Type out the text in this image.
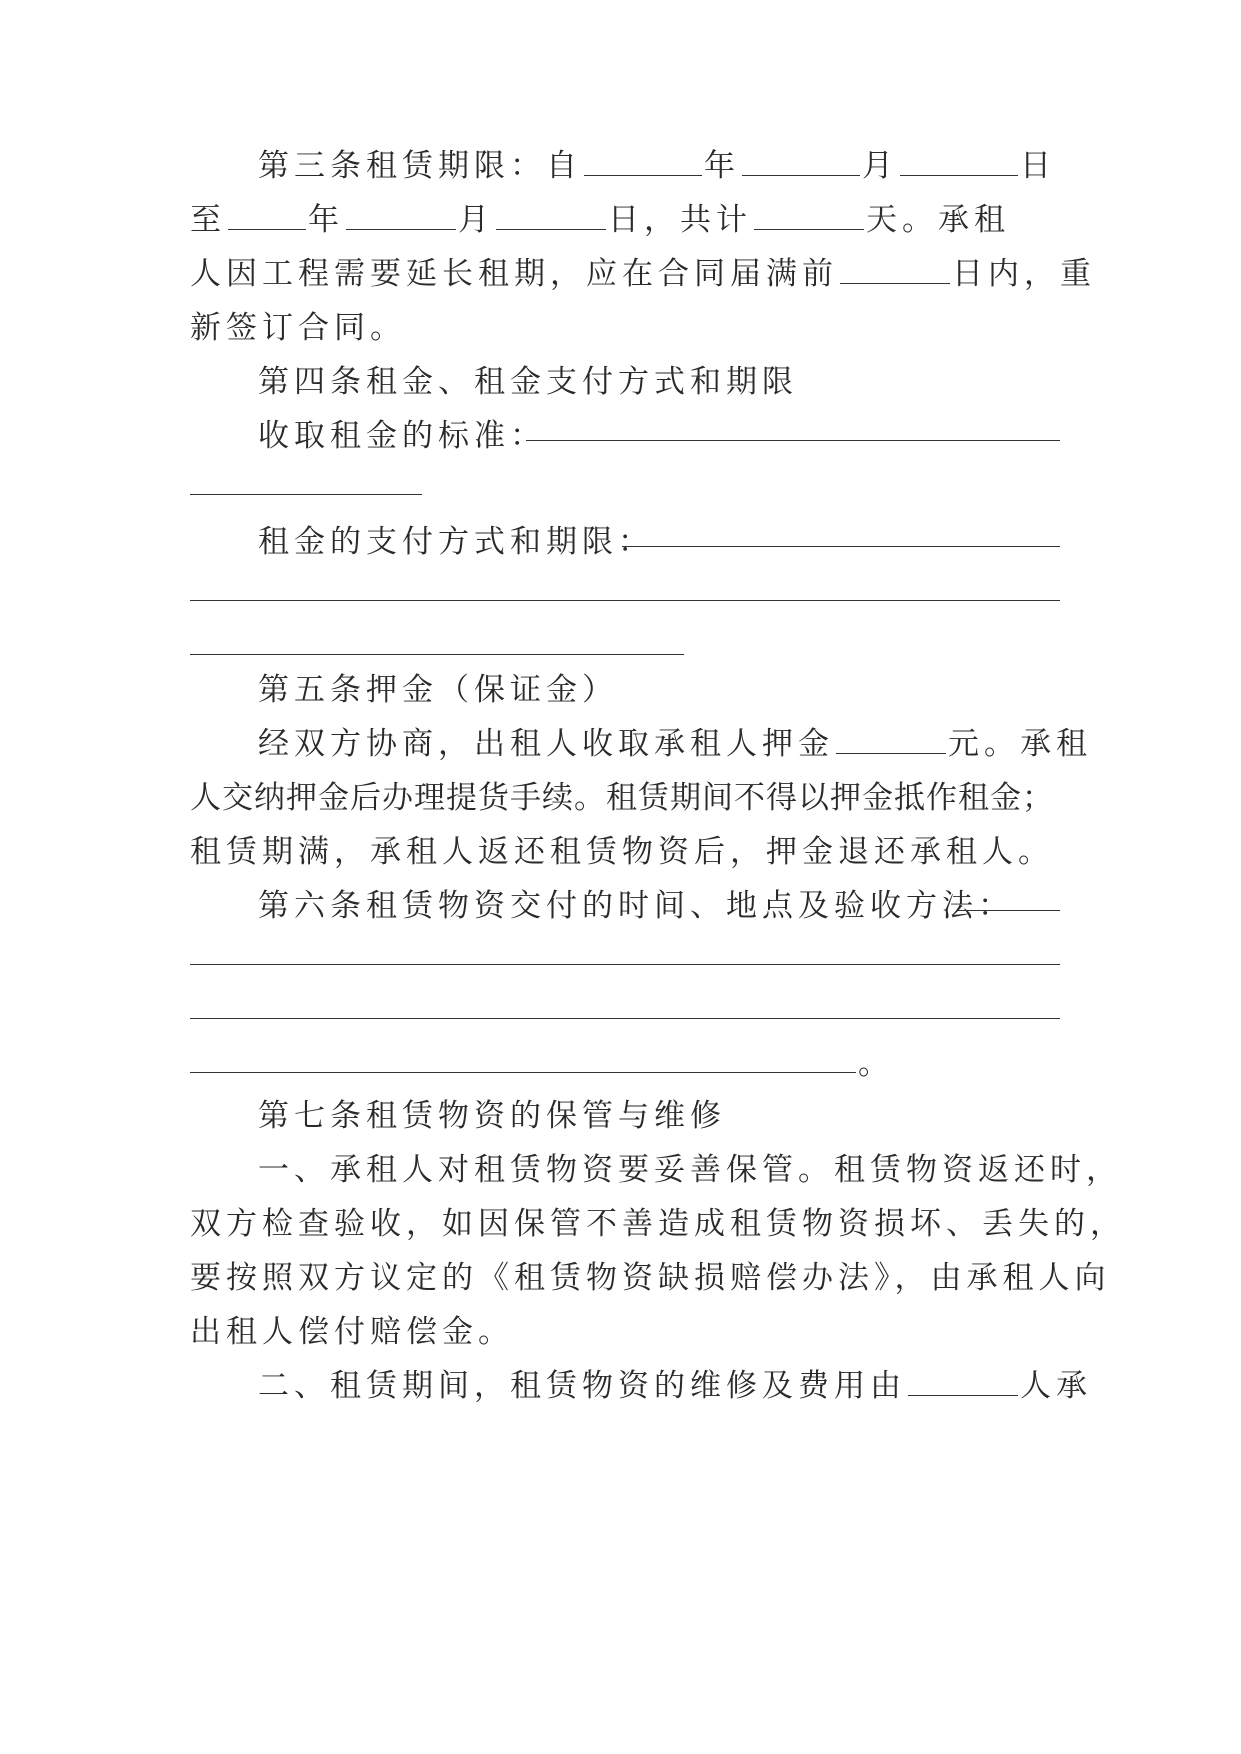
第三条租赁期限：自	年	月	日
至	年	月	日，共计	天。承租
人因工程需要延长租期，应在合同届满前	日内，重
新签订合同。
第四条租金、租金支付方式和期限
收取租金的标准：
租金的支付方式和期限：
第五条押金（保证金）
经双方协商，出租人收取承租人押金	元。承租
人交纳押金后办理提货手续。租赁期间不得以押金抵作租金；
租赁期满，承租人返还租赁物资后，押金退还承租人。
第六条租赁物资交付的时间、地点及验收方法：
。
第七条租赁物资的保管与维修
一、承租人对租赁物资要妥善保管。租赁物资返还时，
双方检查验收，如因保管不善造成租赁物资损坏、丢失的，
要按照双方议定的《租赁物资缺损赔偿办法》，由承租人向
出租人偿付赔偿金。
二、租赁期间，租赁物资的维修及费用由	人承
